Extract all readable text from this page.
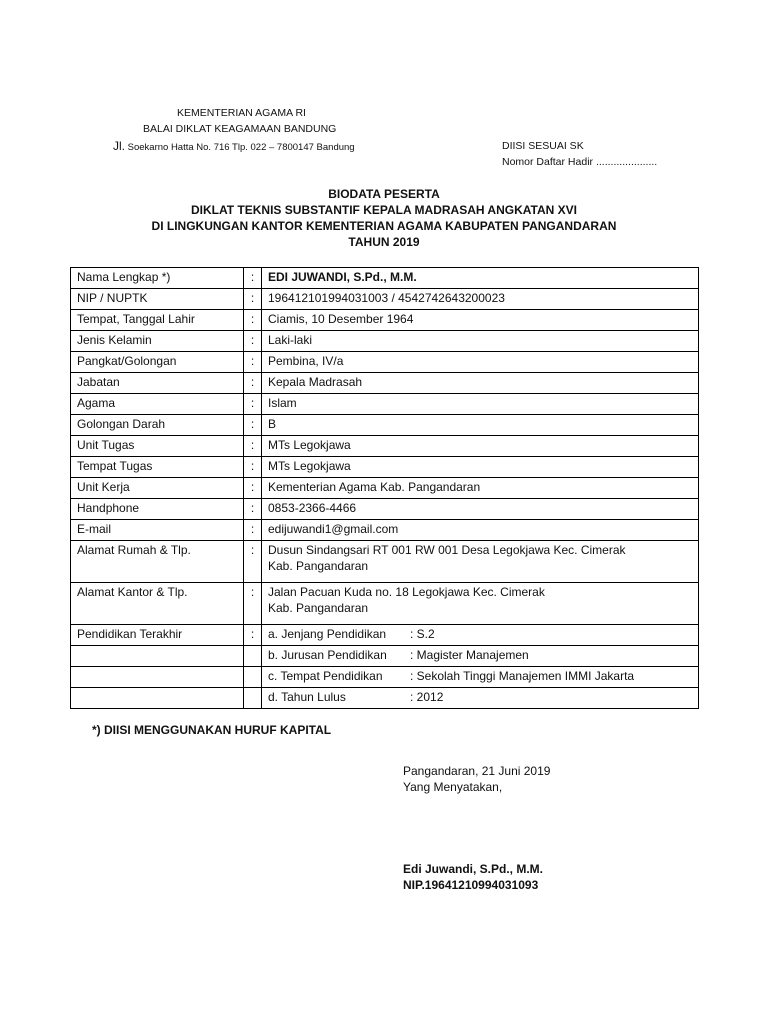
KEMENTERIAN AGAMA RI
BALAI DIKLAT KEAGAMAAN BANDUNG
Jl. Soekarno Hatta No. 716 Tlp. 022 – 7800147 Bandung	DIISI SESUAI SK
Nomor Daftar Hadir .....................
BIODATA PESERTA
DIKLAT TEKNIS SUBSTANTIF KEPALA MADRASAH ANGKATAN XVI
DI LINGKUNGAN KANTOR KEMENTERIAN AGAMA KABUPATEN PANGANDARAN
TAHUN 2019
Nama Lengkap *)	:	EDI JUWANDI, S.Pd., M.M.
NIP / NUPTK	:	196412101994031003 / 4542742643200023
Tempat, Tanggal Lahir	:	Ciamis, 10 Desember 1964
Jenis Kelamin	:	Laki-laki
Pangkat/Golongan	:	Pembina, IV/a
Jabatan	:	Kepala Madrasah
Agama	:	Islam
Golongan Darah	:	B
Unit Tugas	:	MTs Legokjawa
Tempat Tugas	:	MTs Legokjawa
Unit Kerja	:	Kementerian Agama Kab. Pangandaran
Handphone	:	0853-2366-4466
E-mail	:	edijuwandi1@gmail.com
Alamat Rumah & Tlp.	:	Dusun Sindangsari RT 001 RW 001 Desa Legokjawa Kec. Cimerak
Kab. Pangandaran

Alamat Kantor & Tlp.	:	Jalan Pacuan Kuda no. 18 Legokjawa Kec. Cimerak
Kab. Pangandaran

Pendidikan Terakhir	:	a. Jenjang Pendidikan : S.2
		b. Jurusan Pendidikan : Magister Manajemen
		c. Tempat Pendidikan : Sekolah Tinggi Manajemen IMMI Jakarta
		d. Tahun Lulus : 2012
*) DIISI MENGGUNAKAN HURUF KAPITAL
Pangandaran, 21 Juni 2019
Yang Menyatakan,
Edi Juwandi, S.Pd., M.M.
NIP.19641210994031093
